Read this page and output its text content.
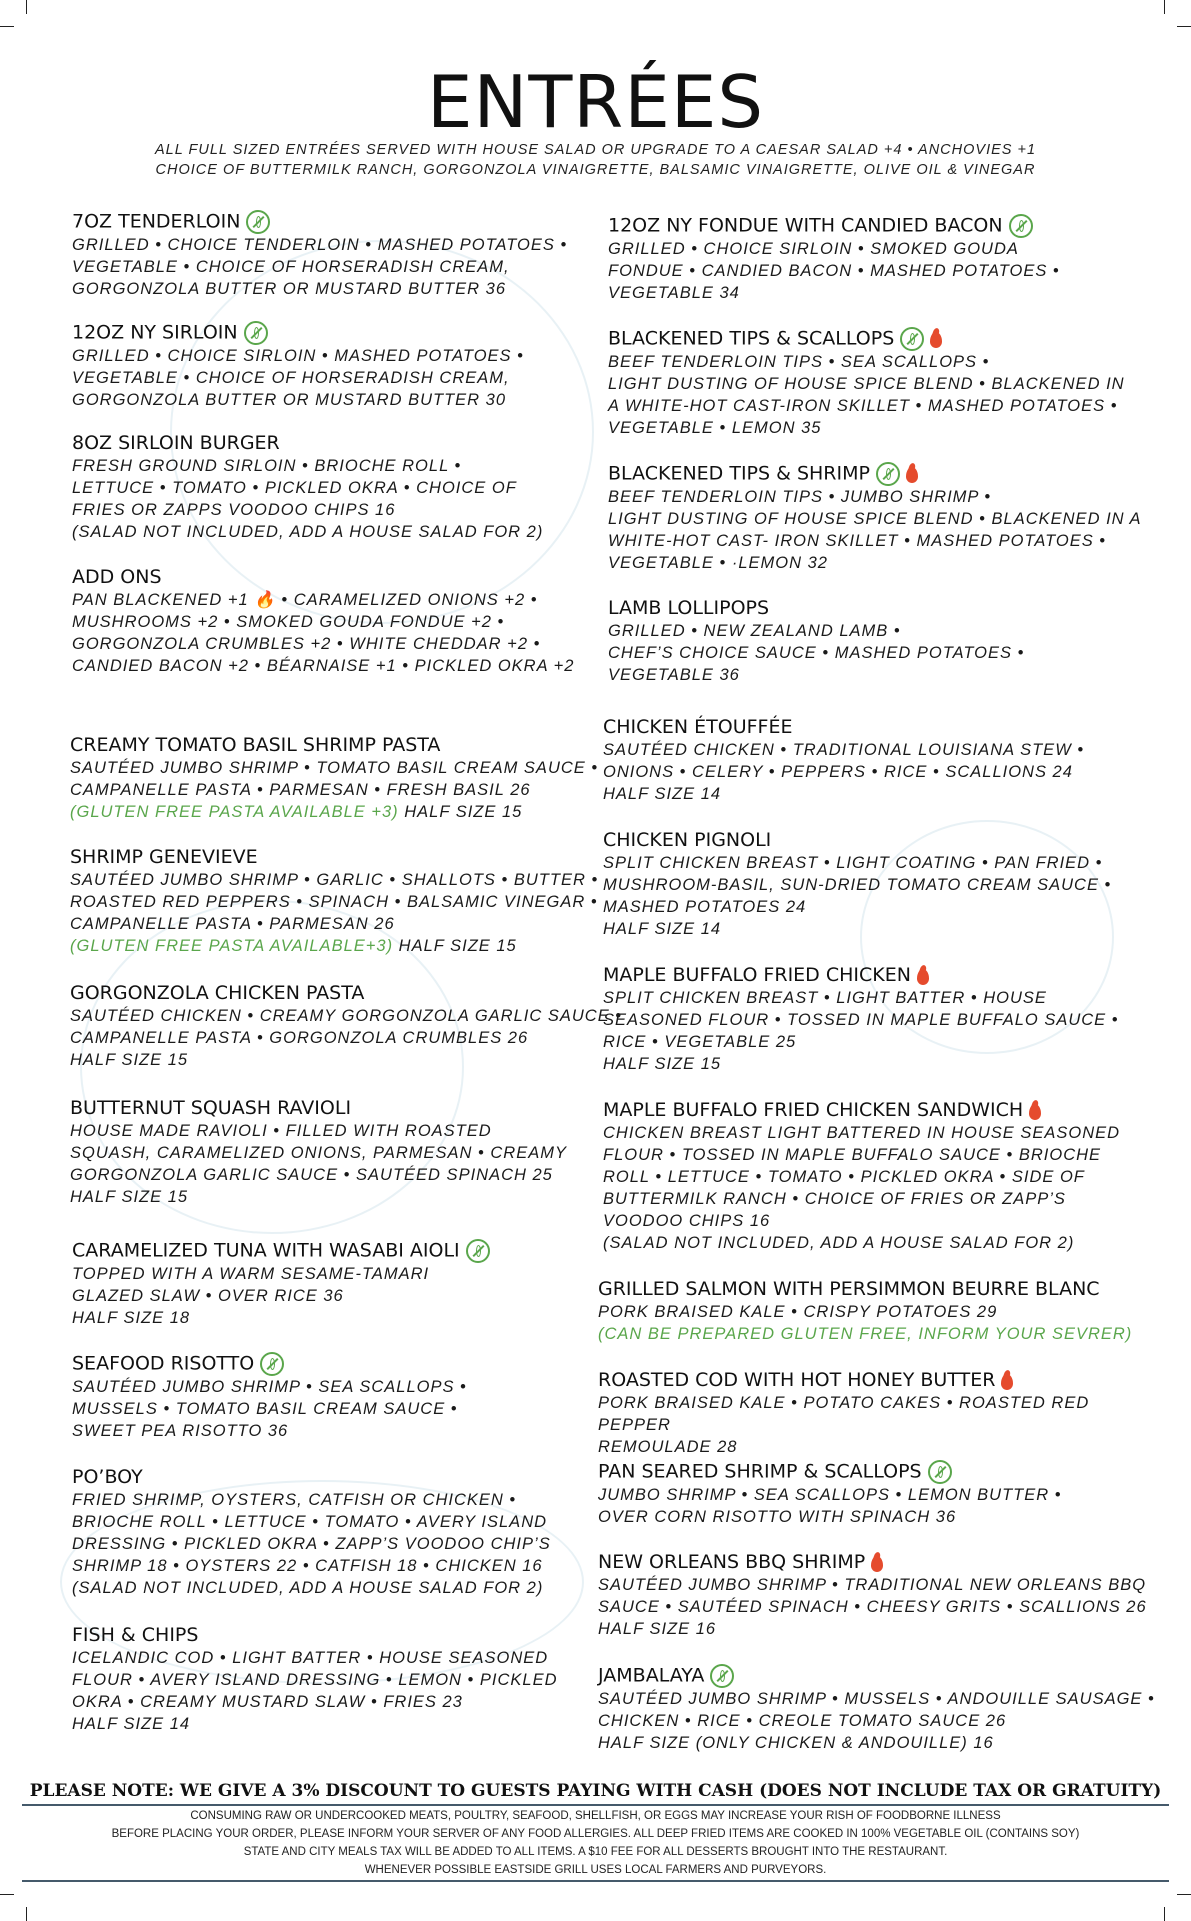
ENTRÉES
ALL FULL SIZED ENTRÉES SERVED WITH HOUSE SALAD OR UPGRADE TO A CAESAR SALAD +4 • ANCHOVIES +1
CHOICE OF BUTTERMILK RANCH, GORGONZOLA VINAIGRETTE, BALSAMIC VINAIGRETTE, OLIVE OIL & VINEGAR
7OZ TENDERLOIN
GRILLED • CHOICE TENDERLOIN • MASHED POTATOES •
VEGETABLE • CHOICE OF HORSERADISH CREAM,
GORGONZOLA BUTTER OR MUSTARD BUTTER 36
12OZ NY SIRLOIN
GRILLED • CHOICE SIRLOIN • MASHED POTATOES •
VEGETABLE • CHOICE OF HORSERADISH CREAM,
GORGONZOLA BUTTER OR MUSTARD BUTTER 30
8OZ SIRLOIN BURGER
FRESH GROUND SIRLOIN • BRIOCHE ROLL •
LETTUCE • TOMATO • PICKLED OKRA • CHOICE OF
FRIES OR ZAPPS VOODOO CHIPS 16
(SALAD NOT INCLUDED, ADD A HOUSE SALAD FOR 2)
ADD ONS
PAN BLACKENED +1 🔥 • CARAMELIZED ONIONS +2 •
MUSHROOMS +2 • SMOKED GOUDA FONDUE +2 •
GORGONZOLA CRUMBLES +2 • WHITE CHEDDAR +2 •
CANDIED BACON +2 • BÉARNAISE +1 • PICKLED OKRA +2
CREAMY TOMATO BASIL SHRIMP PASTA
SAUTÉED JUMBO SHRIMP • TOMATO BASIL CREAM SAUCE •
CAMPANELLE PASTA • PARMESAN • FRESH BASIL 26
(GLUTEN FREE PASTA AVAILABLE +3) HALF SIZE 15
SHRIMP GENEVIEVE
SAUTÉED JUMBO SHRIMP • GARLIC • SHALLOTS • BUTTER •
ROASTED RED PEPPERS • SPINACH • BALSAMIC VINEGAR •
CAMPANELLE PASTA • PARMESAN 26
(GLUTEN FREE PASTA AVAILABLE+3) HALF SIZE 15
GORGONZOLA CHICKEN PASTA
SAUTÉED CHICKEN • CREAMY GORGONZOLA GARLIC SAUCE •
CAMPANELLE PASTA • GORGONZOLA CRUMBLES 26
HALF SIZE 15
BUTTERNUT SQUASH RAVIOLI
HOUSE MADE RAVIOLI • FILLED WITH ROASTED
SQUASH, CARAMELIZED ONIONS, PARMESAN • CREAMY
GORGONZOLA GARLIC SAUCE • SAUTÉED SPINACH 25
HALF SIZE 15
CARAMELIZED TUNA WITH WASABI AIOLI
TOPPED WITH A WARM SESAME-TAMARI
GLAZED SLAW • OVER RICE 36
HALF SIZE 18
SEAFOOD RISOTTO
SAUTÉED JUMBO SHRIMP • SEA SCALLOPS •
MUSSELS • TOMATO BASIL CREAM SAUCE •
SWEET PEA RISOTTO 36
PO’BOY
FRIED SHRIMP, OYSTERS, CATFISH OR CHICKEN •
BRIOCHE ROLL • LETTUCE • TOMATO • AVERY ISLAND
DRESSING • PICKLED OKRA • ZAPP’S VOODOO CHIP’S
SHRIMP 18 • OYSTERS 22 • CATFISH 18 • CHICKEN 16
(SALAD NOT INCLUDED, ADD A HOUSE SALAD FOR 2)
FISH & CHIPS
ICELANDIC COD • LIGHT BATTER • HOUSE SEASONED
FLOUR • AVERY ISLAND DRESSING • LEMON • PICKLED
OKRA • CREAMY MUSTARD SLAW • FRIES 23
HALF SIZE 14
12OZ NY FONDUE WITH CANDIED BACON
GRILLED • CHOICE SIRLOIN • SMOKED GOUDA
FONDUE • CANDIED BACON • MASHED POTATOES •
VEGETABLE 34
BLACKENED TIPS & SCALLOPS
BEEF TENDERLOIN TIPS • SEA SCALLOPS •
LIGHT DUSTING OF HOUSE SPICE BLEND • BLACKENED IN
A WHITE-HOT CAST-IRON SKILLET • MASHED POTATOES •
VEGETABLE • LEMON 35
BLACKENED TIPS & SHRIMP
BEEF TENDERLOIN TIPS • JUMBO SHRIMP •
LIGHT DUSTING OF HOUSE SPICE BLEND • BLACKENED IN A
WHITE-HOT CAST- IRON SKILLET • MASHED POTATOES •
VEGETABLE • ·LEMON 32
LAMB LOLLIPOPS
GRILLED • NEW ZEALAND LAMB •
CHEF’S CHOICE SAUCE • MASHED POTATOES •
VEGETABLE 36
CHICKEN ÉTOUFFÉE
SAUTÉED CHICKEN • TRADITIONAL LOUISIANA STEW •
ONIONS • CELERY • PEPPERS • RICE • SCALLIONS 24
HALF SIZE 14
CHICKEN PIGNOLI
SPLIT CHICKEN BREAST • LIGHT COATING • PAN FRIED •
MUSHROOM-BASIL, SUN-DRIED TOMATO CREAM SAUCE •
MASHED POTATOES 24
HALF SIZE 14
MAPLE BUFFALO FRIED CHICKEN
SPLIT CHICKEN BREAST • LIGHT BATTER • HOUSE
SEASONED FLOUR • TOSSED IN MAPLE BUFFALO SAUCE •
RICE • VEGETABLE 25
HALF SIZE 15
MAPLE BUFFALO FRIED CHICKEN SANDWICH
CHICKEN BREAST LIGHT BATTERED IN HOUSE SEASONED
FLOUR • TOSSED IN MAPLE BUFFALO SAUCE • BRIOCHE
ROLL • LETTUCE • TOMATO • PICKLED OKRA • SIDE OF
BUTTERMILK RANCH • CHOICE OF FRIES OR ZAPP’S
VOODOO CHIPS 16
(SALAD NOT INCLUDED, ADD A HOUSE SALAD FOR 2)
GRILLED SALMON WITH PERSIMMON BEURRE BLANC
PORK BRAISED KALE • CRISPY POTATOES 29
(CAN BE PREPARED GLUTEN FREE, INFORM YOUR SEVRER)
ROASTED COD WITH HOT HONEY BUTTER
PORK BRAISED KALE • POTATO CAKES • ROASTED RED PEPPER
REMOULADE 28
PAN SEARED SHRIMP & SCALLOPS
JUMBO SHRIMP • SEA SCALLOPS • LEMON BUTTER •
OVER CORN RISOTTO WITH SPINACH 36
NEW ORLEANS BBQ SHRIMP
SAUTÉED JUMBO SHRIMP • TRADITIONAL NEW ORLEANS BBQ
SAUCE • SAUTÉED SPINACH • CHEESY GRITS • SCALLIONS 26
HALF SIZE 16
JAMBALAYA
SAUTÉED JUMBO SHRIMP • MUSSELS • ANDOUILLE SAUSAGE •
CHICKEN • RICE • CREOLE TOMATO SAUCE 26
HALF SIZE (ONLY CHICKEN & ANDOUILLE) 16
PLEASE NOTE: WE GIVE A 3% DISCOUNT TO GUESTS PAYING WITH CASH (DOES NOT INCLUDE TAX OR GRATUITY)
CONSUMING RAW OR UNDERCOOKED MEATS, POULTRY, SEAFOOD, SHELLFISH, OR EGGS MAY INCREASE YOUR RISH OF FOODBORNE ILLNESS
BEFORE PLACING YOUR ORDER, PLEASE INFORM YOUR SERVER OF ANY FOOD ALLERGIES. ALL DEEP FRIED ITEMS ARE COOKED IN 100% VEGETABLE OIL (CONTAINS SOY)
STATE AND CITY MEALS TAX WILL BE ADDED TO ALL ITEMS. A $10 FEE FOR ALL DESSERTS BROUGHT INTO THE RESTAURANT.
WHENEVER POSSIBLE EASTSIDE GRILL USES LOCAL FARMERS AND PURVEYORS.
